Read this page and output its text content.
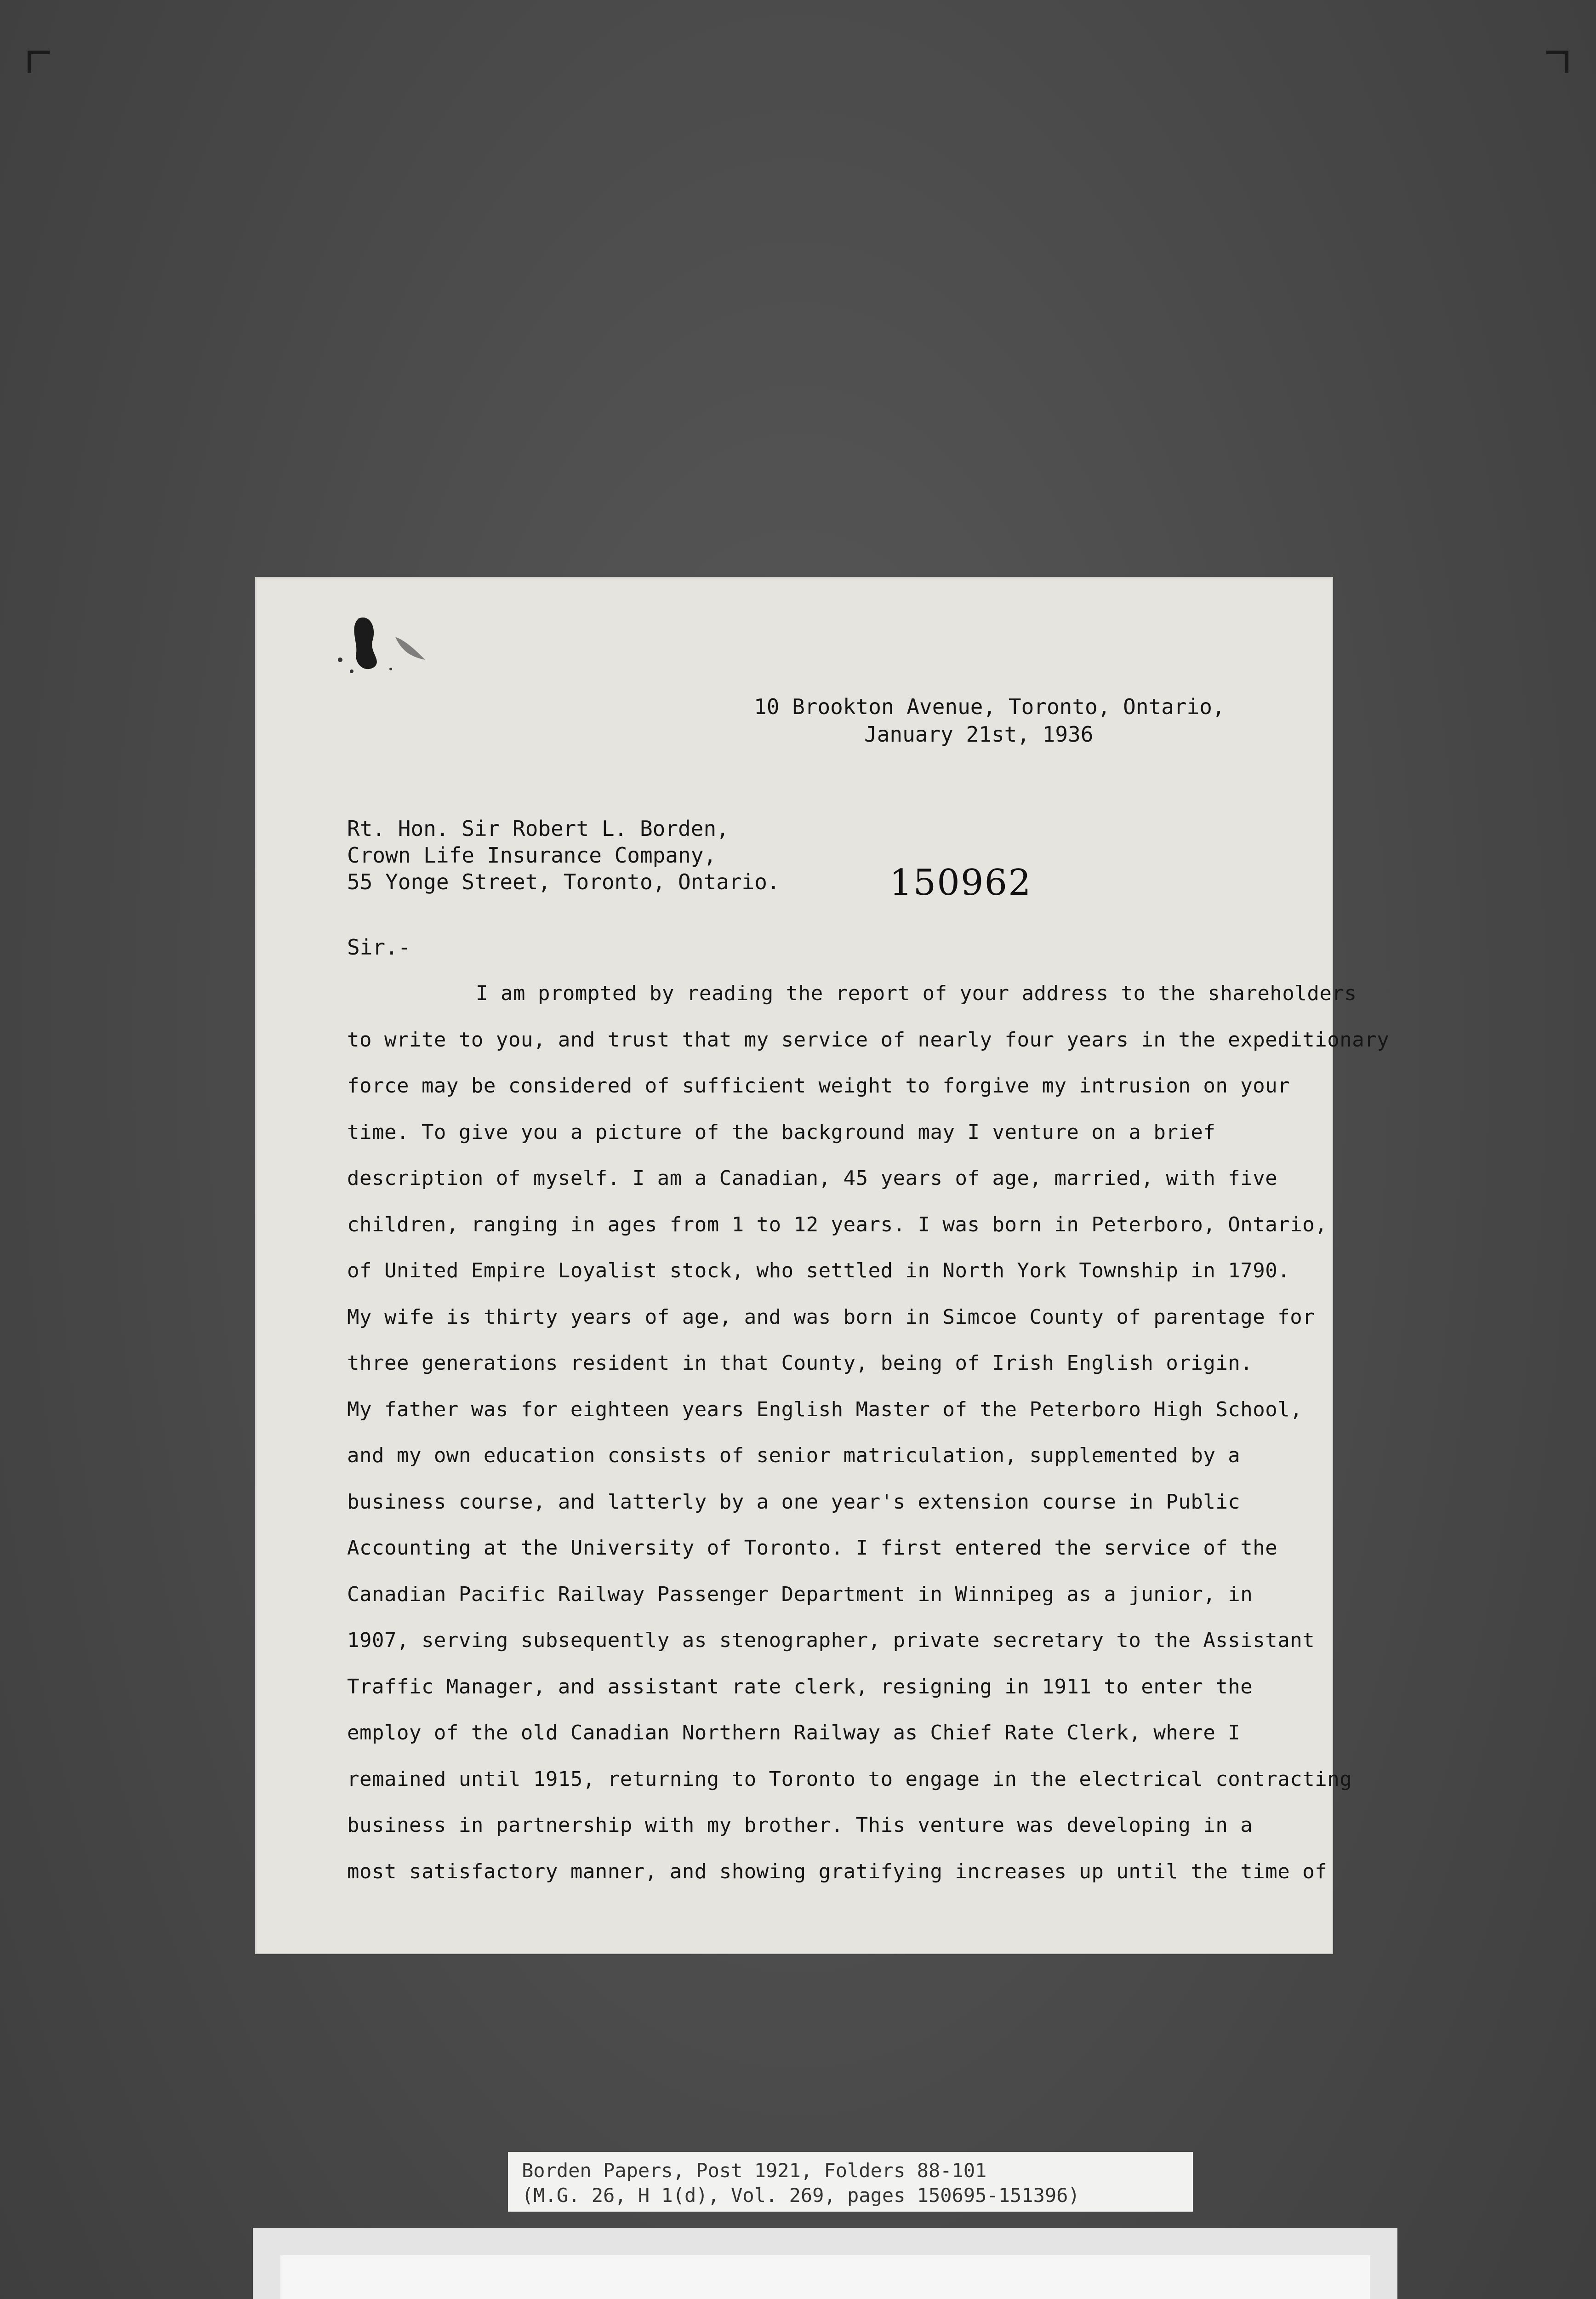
10 Brookton Avenue, Toronto, Ontario,
January 21st, 1936
Rt. Hon. Sir Robert L. Borden,
Crown Life Insurance Company,
55 Yonge Street, Toronto, Ontario.	150962
Sir.-
I am prompted by reading the report of your address to the shareholders
to write to you, and trust that my service of nearly four years in the expeditionary
force may be considered of sufficient weight to forgive my intrusion on your
time. To give you a picture of the background may I venture on a brief
description of myself. I am a Canadian, 45 years of age, married, with five
children, ranging in ages from 1 to 12 years. I was born in Peterboro, Ontario,
of United Empire Loyalist stock, who settled in North York Township in 1790.
My wife is thirty years of age, and was born in Simcoe County of parentage for
three generations resident in that County, being of Irish English origin.
My father was for eighteen years English Master of the Peterboro High School,
and my own education consists of senior matriculation, supplemented by a
business course, and latterly by a one year's extension course in Public
Accounting at the University of Toronto. I first entered the service of the
Canadian Pacific Railway Passenger Department in Winnipeg as a junior, in
1907, serving subsequently as stenographer, private secretary to the Assistant
Traffic Manager, and assistant rate clerk, resigning in 1911 to enter the
employ of the old Canadian Northern Railway as Chief Rate Clerk, where I
remained until 1915, returning to Toronto to engage in the electrical contracting
business in partnership with my brother. This venture was developing in a
most satisfactory manner, and showing gratifying increases up until the time of
Borden Papers, Post 1921, Folders 88-101
(M.G. 26, H 1(d), Vol. 269, pages 150695-151396)
